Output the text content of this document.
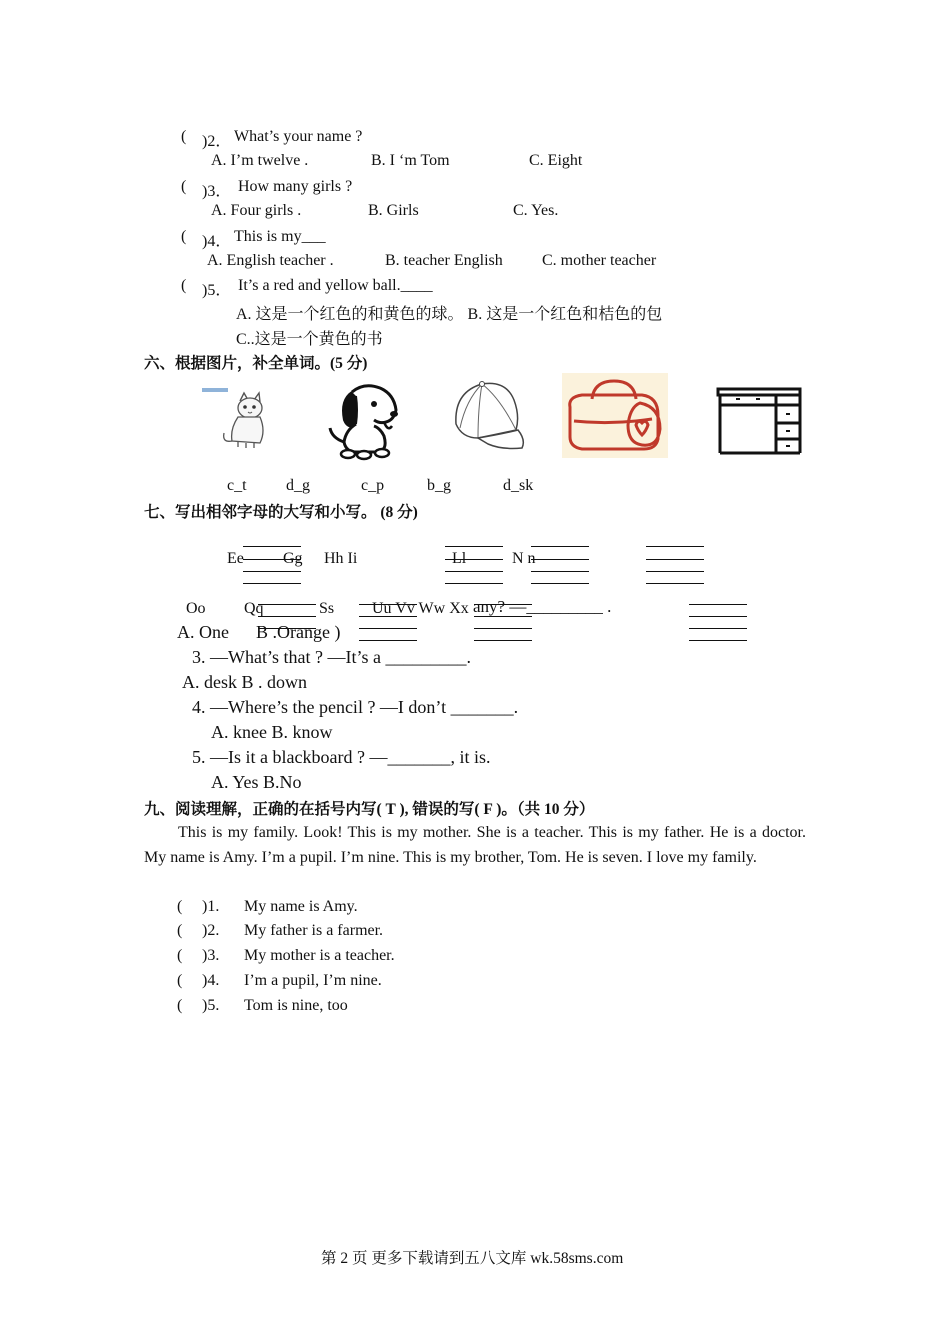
( )2． What’s your name ?
A. I’m twelve .	B. I ‘m Tom	C. Eight
( )3． How many girls ?
A. Four girls .	B. Girls	C. Yes.
( )4． This is my___
A. English teacher .	B. teacher English C. mother teacher
( )5． It’s a red and yellow ball.____
A. 这是一个红色的和黄色的球。 B. 这是一个红色和桔色的包
C..这是一个黄色的书
六、根据图片，补全单词。(5 分)
c_t d_g	c_p	b_g	d_sk
七、写出相邻字母的大写和小写。 (8 分)
Ee Gg Hh Ii	Ll	N n
Oo Qq	Ss Uu Vv Ww Xx any? —_________ .
A. One B .Orange )
3. —What’s that ? —It’s a _________.
A. desk B . down
4. —Where’s the pencil ? —I don’t _______.
A. knee B. know
5. —Is it a blackboard ? —_______, it is.
A. Yes B.No
九、阅读理解，正确的在括号内写( T ), 错误的写( F )。（共 10 分）
This is my family. Look! This is my mother. She is a teacher. This is my father. He is a doctor. My name is Amy. I’m a pupil. I’m nine. This is my brother, Tom. He is seven. I love my family.
( )1. My name is Amy.
( )2. My father is a farmer.
( )3. My mother is a teacher.
( )4. I’m a pupil, I’m nine.
( )5. Tom is nine, too
第 2 页 更多下载请到五八文库 wk.58sms.com
